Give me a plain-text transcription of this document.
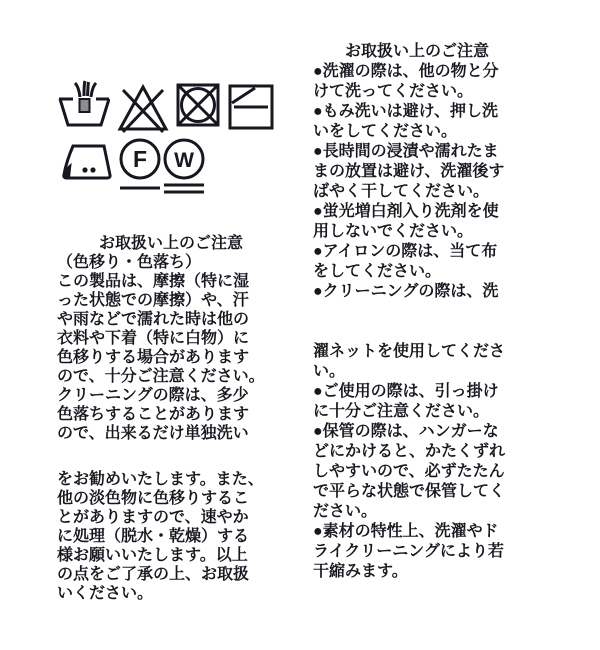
F W
お取扱い上のご注意
（色移り・色落ち）
この製品は、摩擦（特に湿
った状態での摩擦）や、汗
や雨などで濡れた時は他の
衣料や下着（特に白物）に
色移りする場合があります
ので、十分ご注意ください。
クリーニングの際は、多少
色落ちすることがあります
ので、出来るだけ単独洗い
をお勧めいたします。また、
他の淡色物に色移りするこ
とがありますので、速やか
に処理（脱水・乾燥）する
様お願いいたします。以上
の点をご了承の上、お取扱
いください。
お取扱い上のご注意
●洗濯の際は、他の物と分
けて洗ってください。
●もみ洗いは避け、押し洗
いをしてください。
●長時間の浸漬や濡れたま
まの放置は避け、洗濯後す
ばやく干してください。
●蛍光増白剤入り洗剤を使
用しないでください。
●アイロンの際は、当て布
をしてください。
●クリーニングの際は、洗
濯ネットを使用してくださ
い。
●ご使用の際は、引っ掛け
に十分ご注意ください。
●保管の際は、ハンガーな
どにかけると、かたくずれ
しやすいので、必ずたたん
で平らな状態で保管してく
ださい。
●素材の特性上、洗濯やド
ライクリーニングにより若
干縮みます。
